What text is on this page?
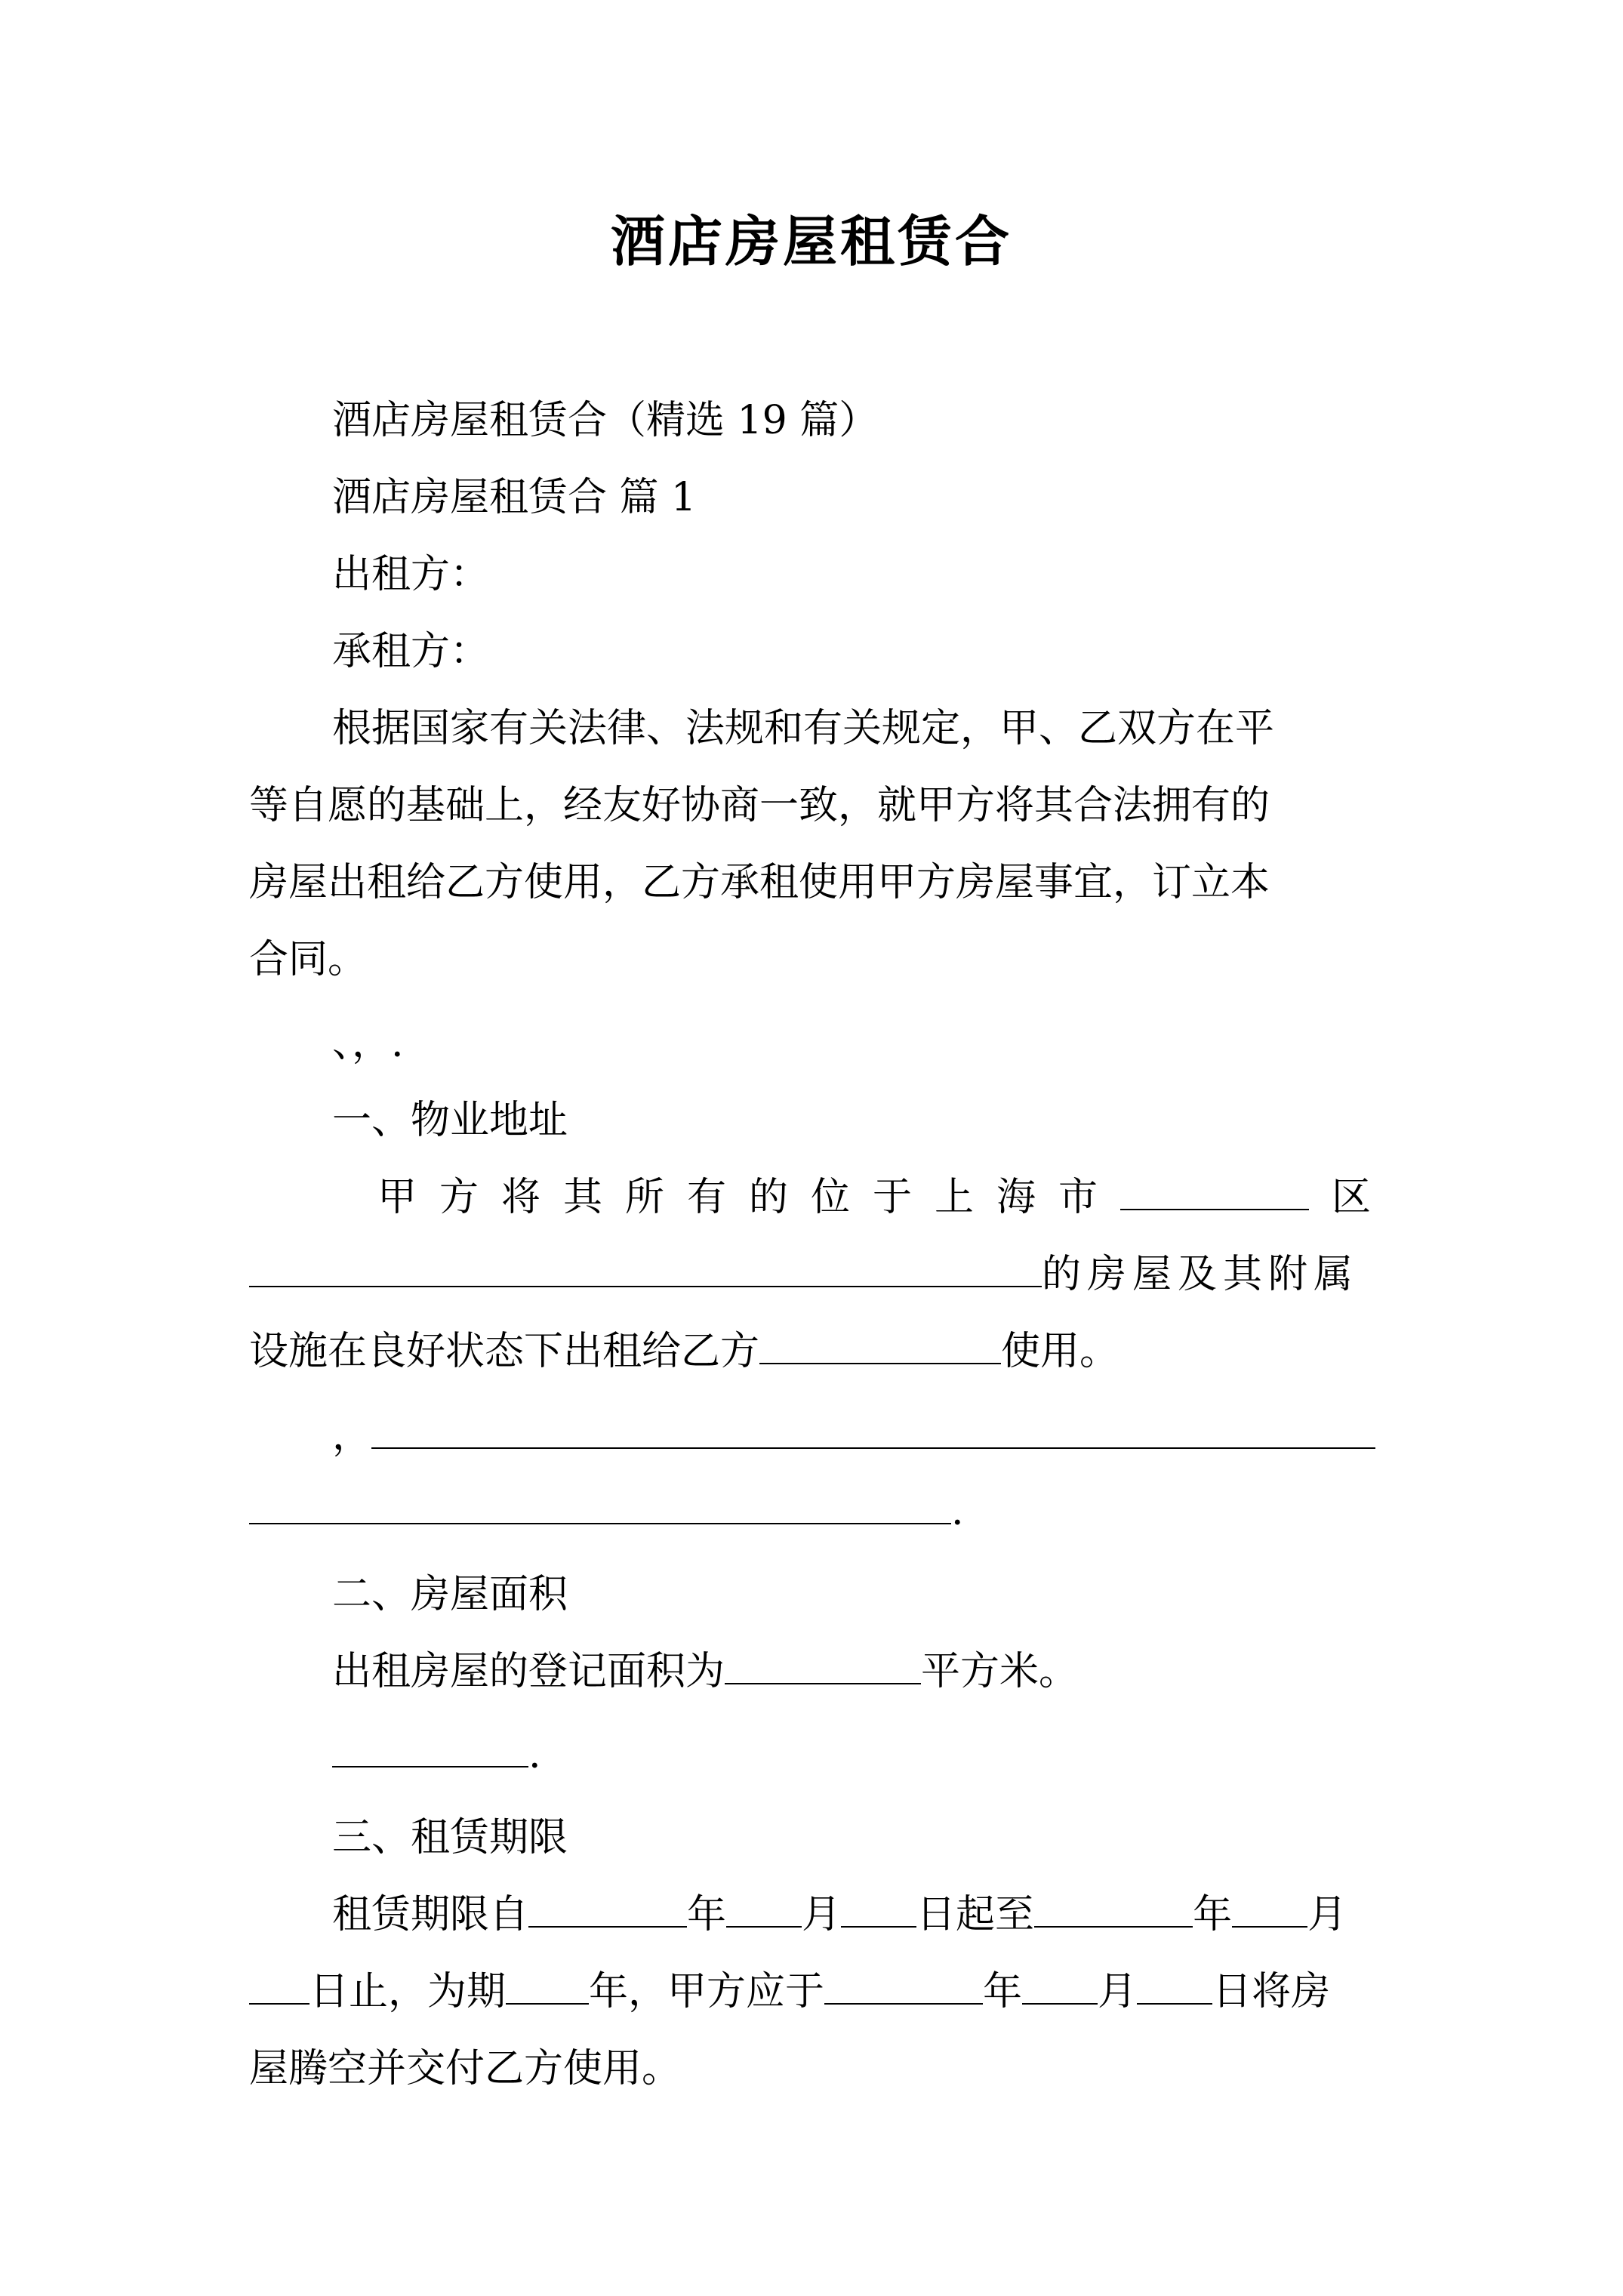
酒店房屋租赁合
酒店房屋租赁合（精选 19 篇）
酒店房屋租赁合 篇 1
出租方：
承租方：
根据国家有关法律、法规和有关规定，甲、乙双方在平
等自愿的基础上，经友好协商一致，就甲方将其合法拥有的
房屋出租给乙方使用，乙方承租使用甲方房屋事宜，订立本
合同。
、，.
一、物业地址
甲方将其所有的位于上海市	区
的房屋及其附属
设施在良好状态下出租给乙方	使用。
，
.
二、房屋面积
出租房屋的登记面积为	平方米。
.
三、租赁期限
租赁期限自	年 月 日起至	年 月
日止，为期 年，甲方应于	年 月 日将房
屋腾空并交付乙方使用。
